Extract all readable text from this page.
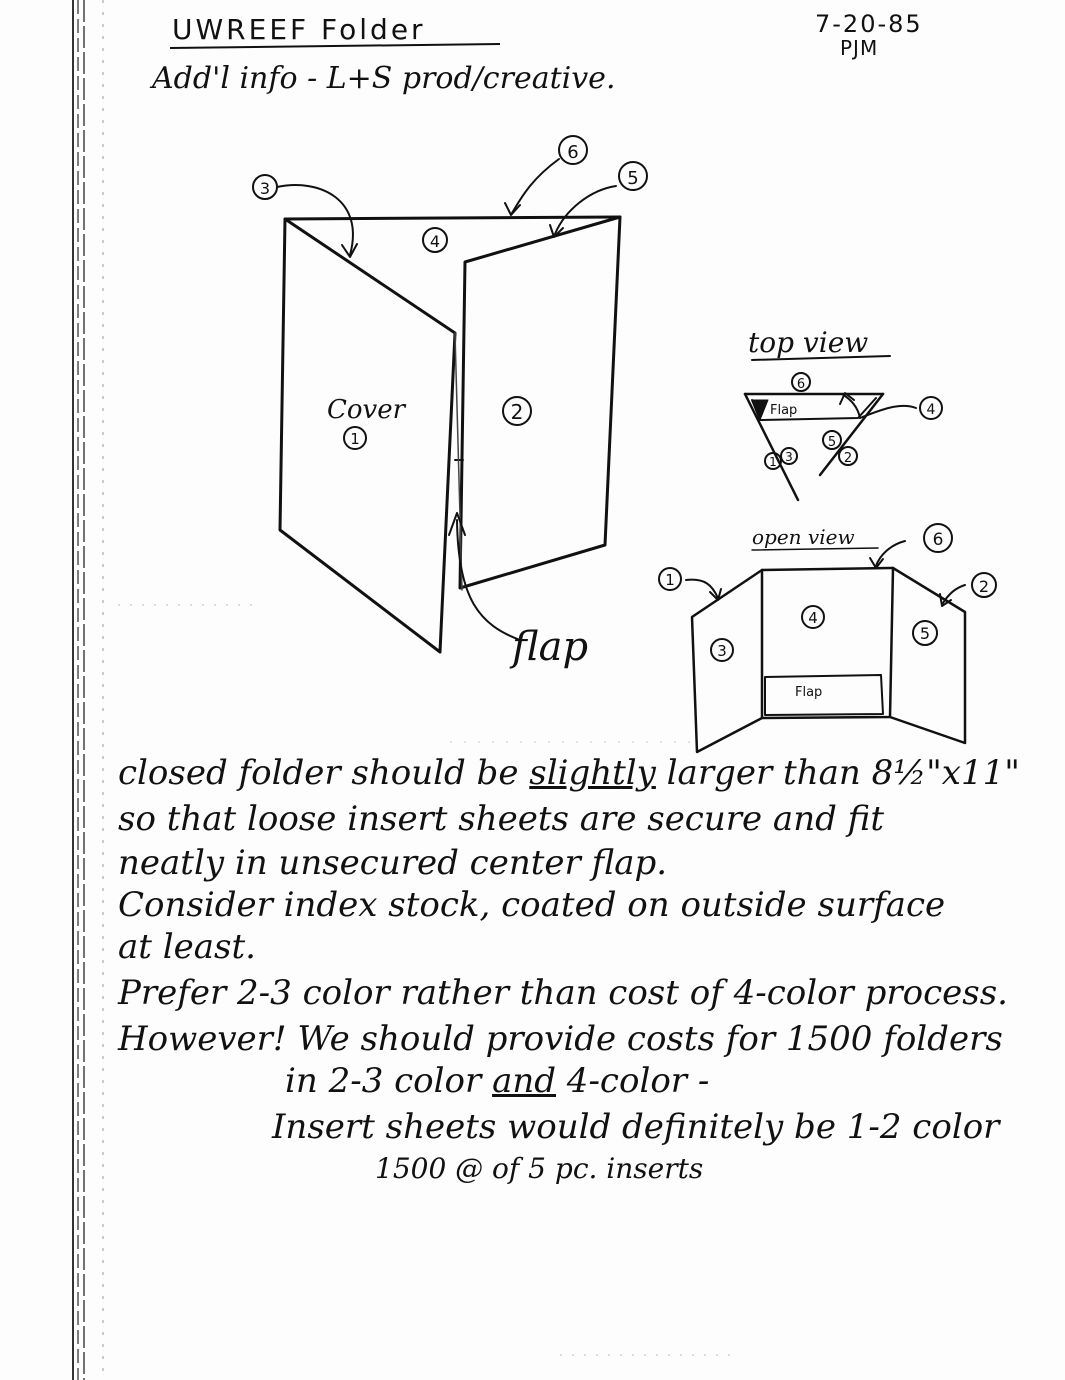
UWREEF Folder
Add'l info - L+S prod/creative.
7-20-85
PJM
3
6
5
4
Cover
1
2
flap
top view
6
Flap	4
5
2
1 3
open view	6
1	2
4
3
5
Flap
closed folder should be slightly larger than 8½"x11"
so that loose insert sheets are secure and fit
neatly in unsecured center flap.
Consider index stock, coated on outside surface
at least.
Prefer 2-3 color rather than cost of 4-color process.
However! We should provide costs for 1500 folders
in 2-3 color and 4-color -
Insert sheets would definitely be 1-2 color
1500 @ of 5 pc. inserts
